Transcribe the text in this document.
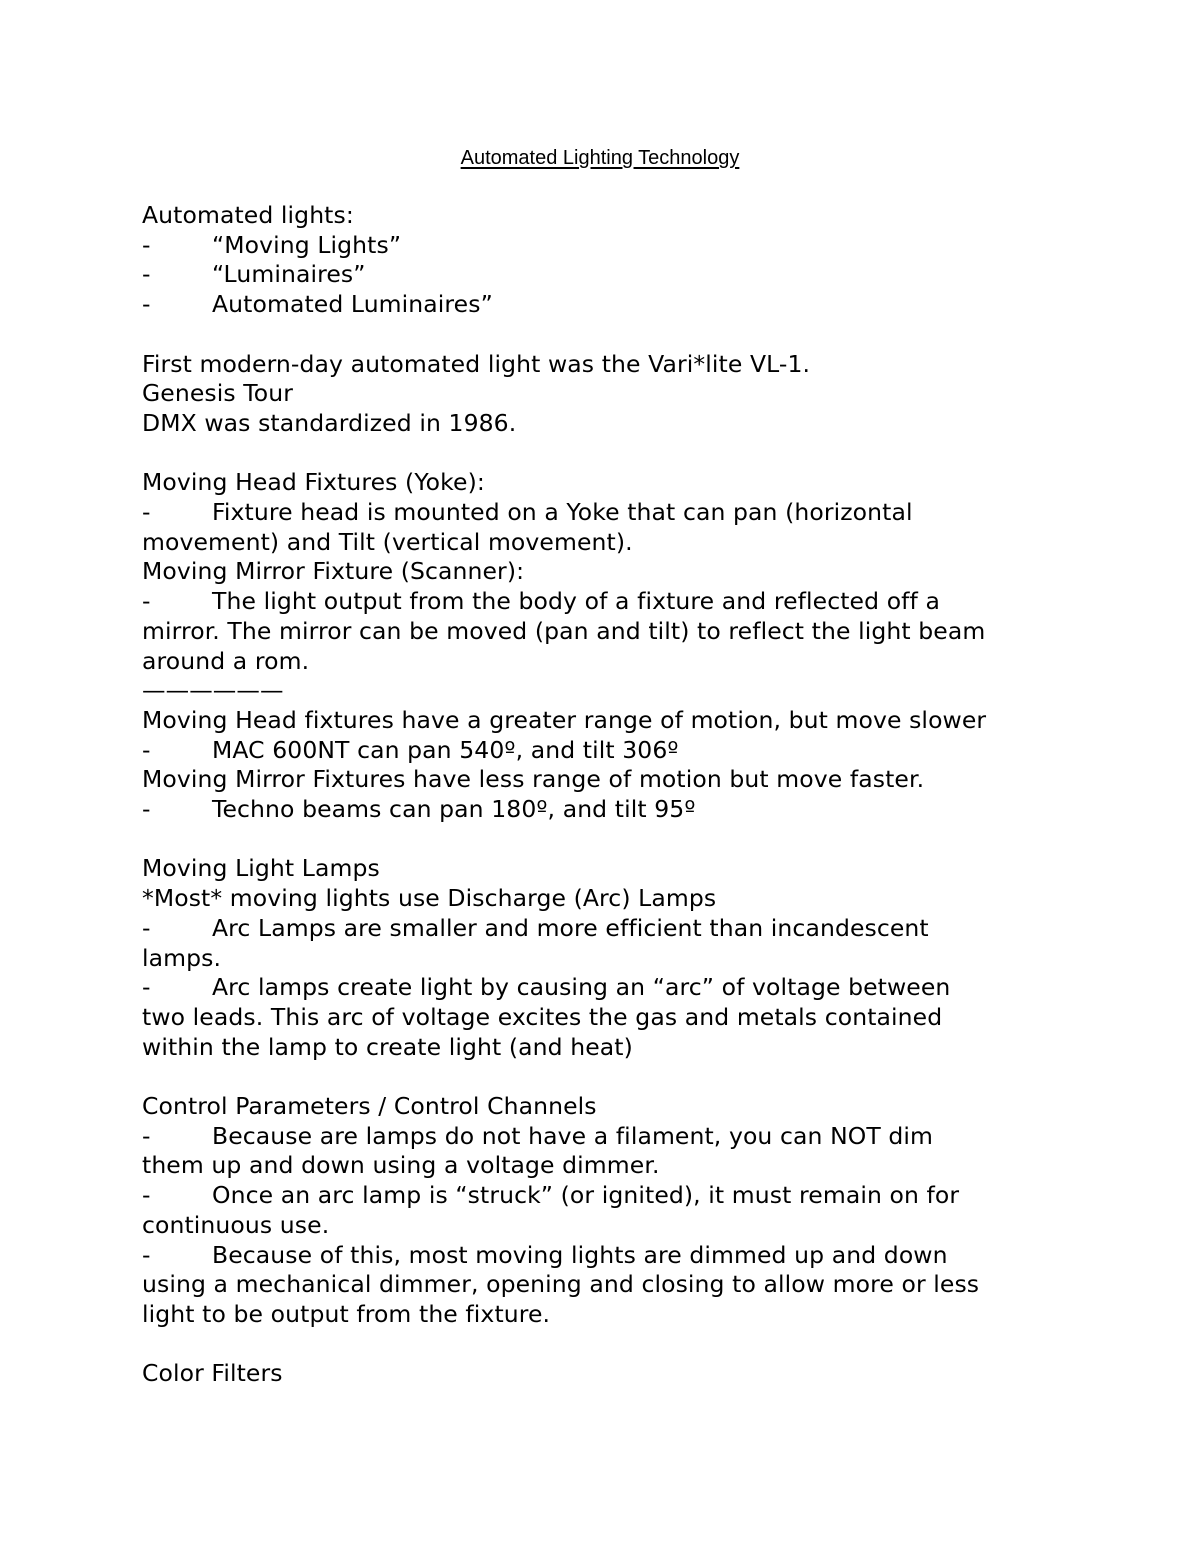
Automated Lighting Technology
Automated lights:
-	“Moving Lights”
-	“Luminaires”
-	Automated Luminaires”
First modern-day automated light was the Vari*lite VL-1.
Genesis Tour
DMX was standardized in 1986.
Moving Head Fixtures (Yoke):
-	Fixture head is mounted on a Yoke that can pan (horizontal
movement) and Tilt (vertical movement).
Moving Mirror Fixture (Scanner):
-	The light output from the body of a fixture and reflected off a
mirror. The mirror can be moved (pan and tilt) to reflect the light beam
around a rom.
——————
Moving Head fixtures have a greater range of motion, but move slower
-	MAC 600NT can pan 540º, and tilt 306º
Moving Mirror Fixtures have less range of motion but move faster.
-	Techno beams can pan 180º, and tilt 95º
Moving Light Lamps
*Most* moving lights use Discharge (Arc) Lamps
-	Arc Lamps are smaller and more efficient than incandescent
lamps.
-	Arc lamps create light by causing an “arc” of voltage between
two leads. This arc of voltage excites the gas and metals contained
within the lamp to create light (and heat)
Control Parameters / Control Channels
-	Because are lamps do not have a filament, you can NOT dim
them up and down using a voltage dimmer.
-	Once an arc lamp is “struck” (or ignited), it must remain on for
continuous use.
-	Because of this, most moving lights are dimmed up and down
using a mechanical dimmer, opening and closing to allow more or less
light to be output from the fixture.
Color Filters
